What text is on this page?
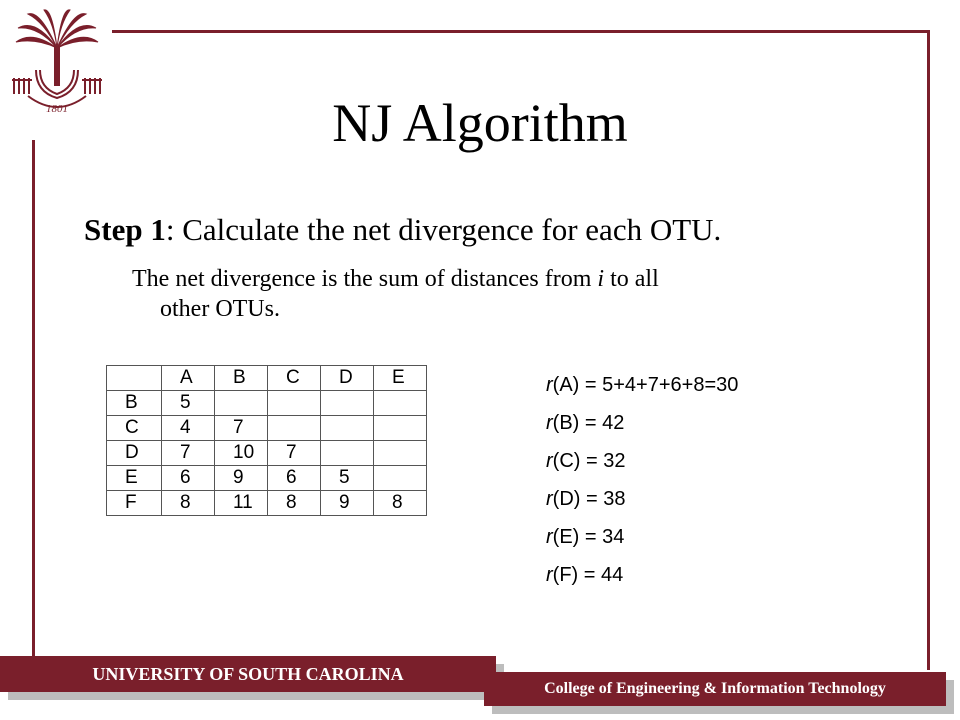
1801	NJ Algorithm
Step 1: Calculate the net divergence for each OTU.
The net divergence is the sum of distances from i to all
other OTUs.
	A	B	C	D	E
B	5				
C	4	7			
D	7	10	7		
E	6	9	6	5	
F	8	11	8	9	8
r(A) = 5+4+7+6+8=30
r(B) = 42
r(C) = 32
r(D) = 38
r(E) = 34
r(F) = 44
UNIVERSITY OF SOUTH CAROLINA
College of Engineering & Information Technology
